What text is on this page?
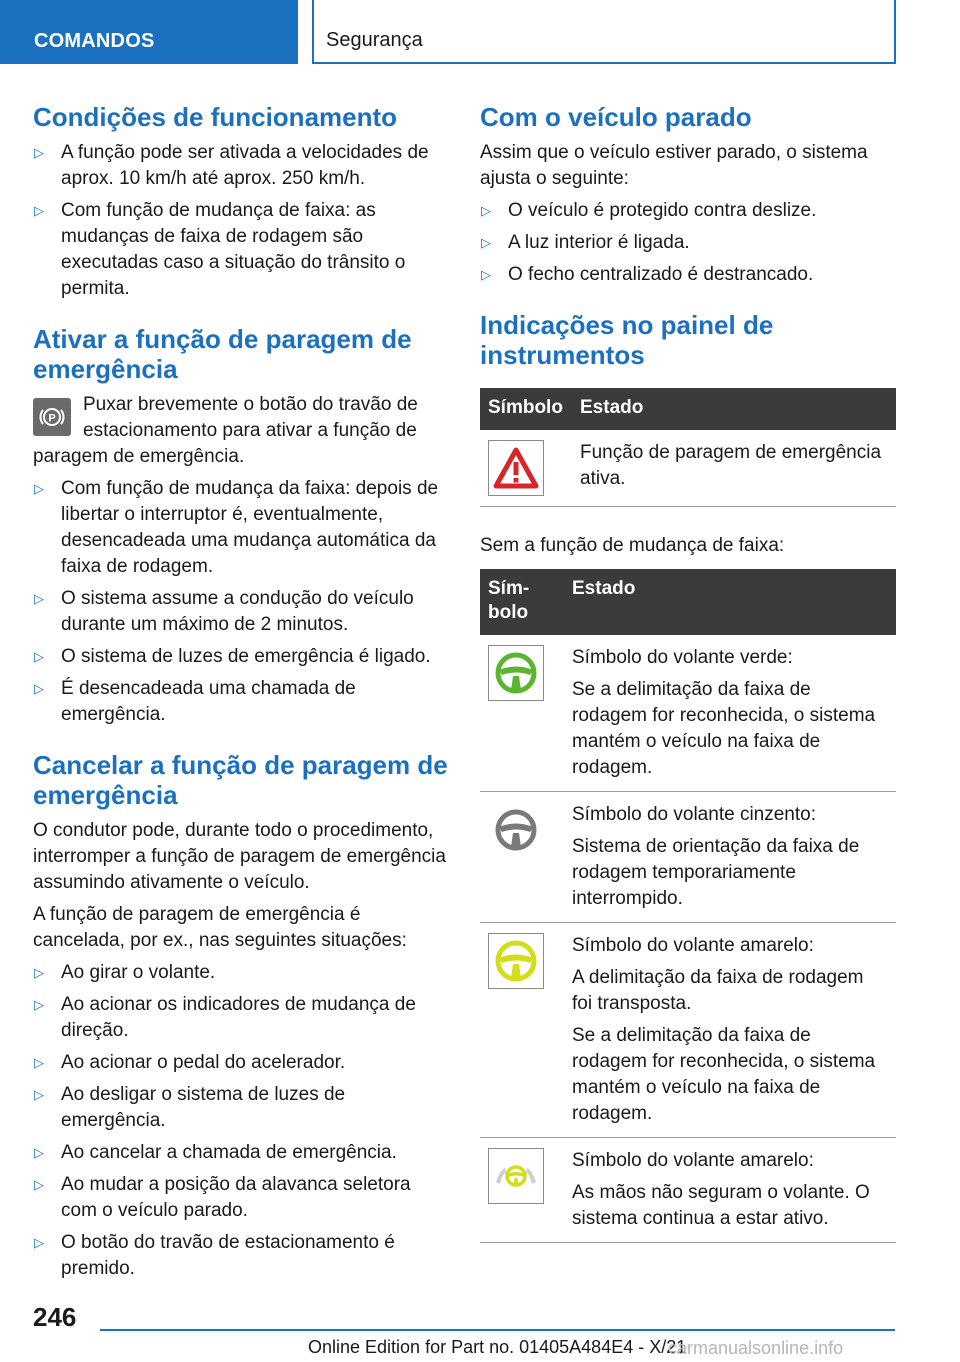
COMANDOS	Segurança
Condições de funcionamento
▷ A função pode ser ativada a velocidades de aprox. 10 km/h até aprox. 250 km/h.
▷ Com função de mudança de faixa: as mudanças de faixa de rodagem são executadas caso a situação do trânsito o permita.
Ativar a função de paragem de emergência
P

Puxar brevemente o botão do travão de estacionamento para ativar a função de paragem de emergência.

▷ Com função de mudança da faixa: depois de libertar o interruptor é, eventualmente, desencadeada uma mudança automática da faixa de rodagem.
▷ O sistema assume a condução do veículo durante um máximo de 2 minutos.
▷ O sistema de luzes de emergência é ligado.
▷ É desencadeada uma chamada de emergência.
Cancelar a função de paragem de emergência

O condutor pode, durante todo o procedimento, interromper a função de paragem de emergência assumindo ativamente o veículo.

A função de paragem de emergência é cancelada, por ex., nas seguintes situações:

▷ Ao girar o volante.
▷ Ao acionar os indicadores de mudança de direção.
▷ Ao acionar o pedal do acelerador.
▷ Ao desligar o sistema de luzes de emergência.
▷ Ao cancelar a chamada de emergência.
▷ Ao mudar a posição da alavanca seletora com o veículo parado.
▷ O botão do travão de estacionamento é premido.
Com o veículo parado

Assim que o veículo estiver parado, o sistema ajusta o seguinte:

▷ O veículo é protegido contra deslize.
▷ A luz interior é ligada.
▷ O fecho centralizado é destrancado.
Indicações no painel de instrumentos
Símbolo	Estado

Função de paragem de emergência ativa.

Sem a função de mudança de faixa:

Sím-bolo	Estado

Símbolo do volante verde:

Se a delimitação da faixa de rodagem for reconhecida, o sistema mantém o veículo na faixa de rodagem.

Símbolo do volante cinzento:

Sistema de orientação da faixa de rodagem temporariamente interrompido.

Símbolo do volante amarelo:

A delimitação da faixa de rodagem foi transposta.

Se a delimitação da faixa de rodagem for reconhecida, o sistema mantém o veículo na faixa de rodagem.

Símbolo do volante amarelo:

As mãos não seguram o volante. O sistema continua a estar ativo.

246
Online Edition for Part no. 01405A484E4 - X/21
carmanualsonline.info
